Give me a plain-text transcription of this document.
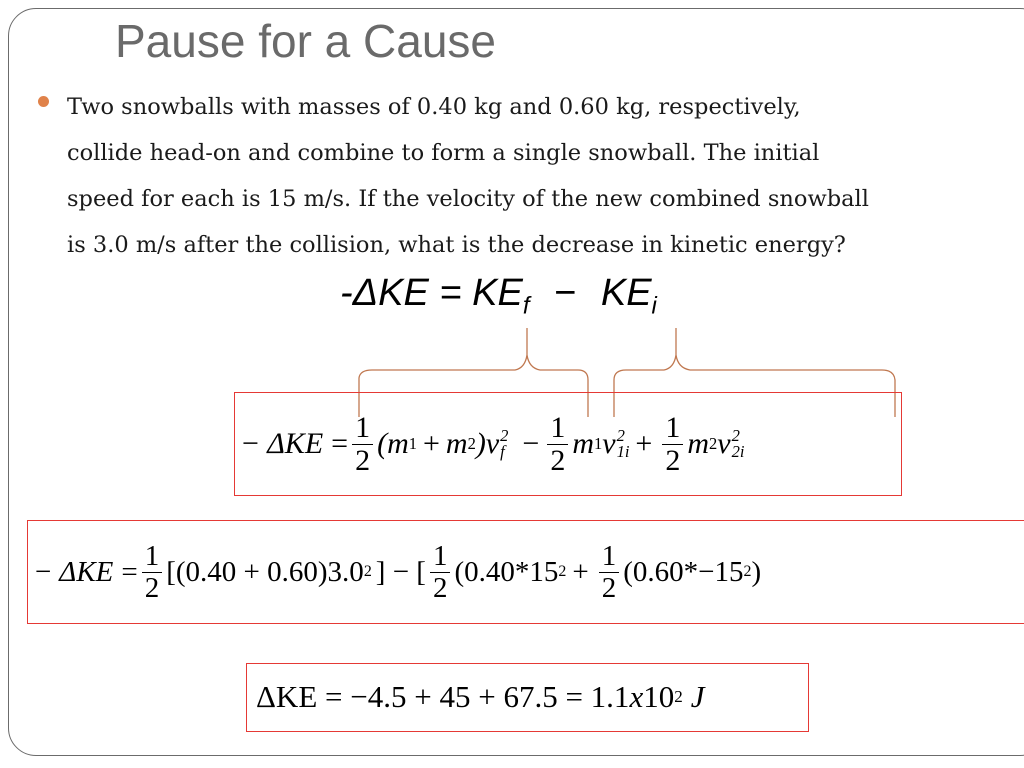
Pause for a Cause
Two snowballs with masses of 0.40 kg and 0.60 kg, respectively,
collide head-on and combine to form a single snowball. The initial
speed for each is 15 m/s. If the velocity of the new combined snowball
is 3.0 m/s after the collision, what is the decrease in kinetic energy?
$-\Delta KE = KE_f - KE_i$
− $\Delta KE = \frac{1}{2} (m$ 1 + m 2 )v 2
$f - \frac{1}{2}$ m 1 v 2
$1i + \frac{1}{2}$ m 2 v 2
2i
− $\Delta KE = \frac{1}{2} [(0.40 + 0.60)3.0$ 2 ] − [ $\frac{1}{2} (0.40*15$ $2 + \frac{1}{2} (0.60*-15$ 2 )
ΔKE = −4.5 + 45 + 67.5 = 1.1 x 10 2 J
